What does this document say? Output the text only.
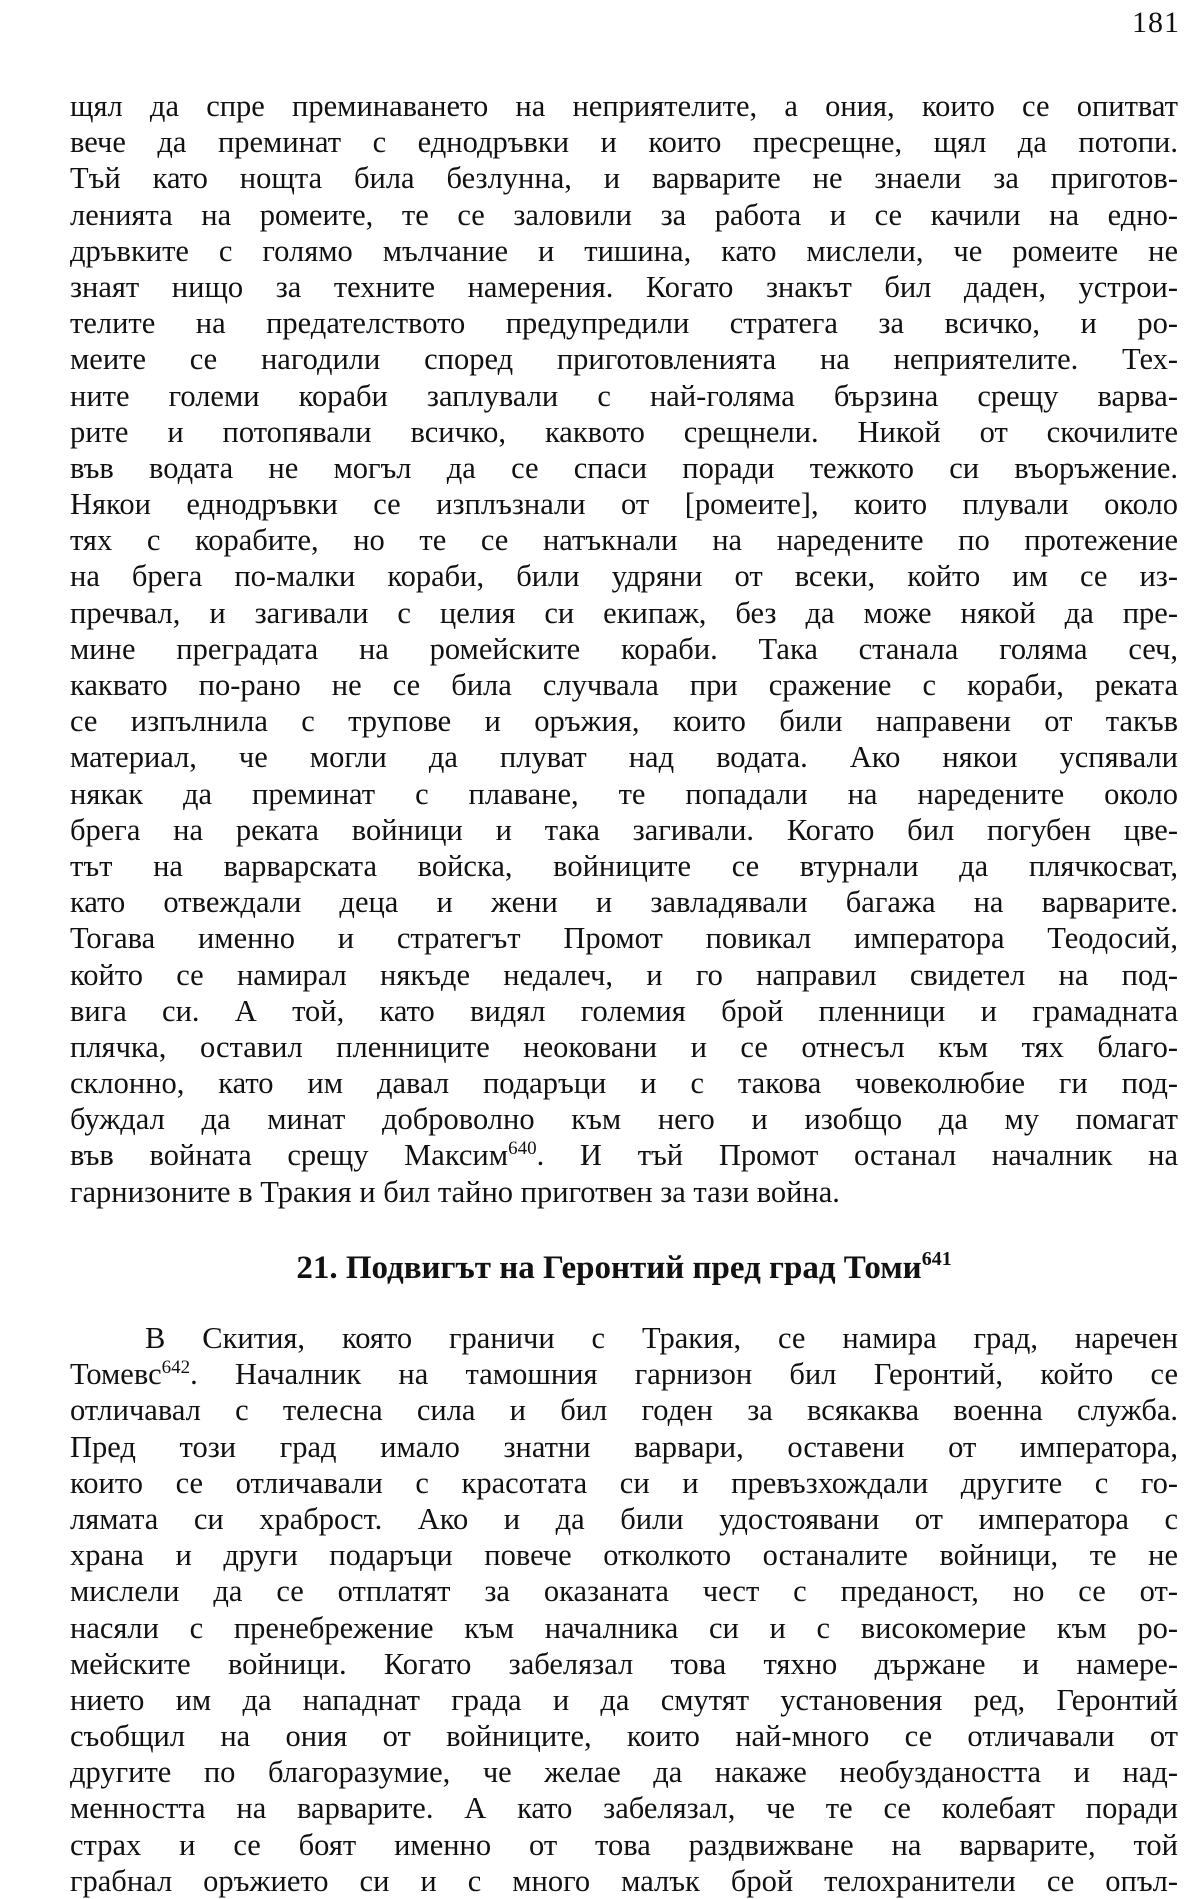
181
щял да спре преминаването на неприятелите, а ония, които се опитват
вече да преминат с еднодръвки и които пресрещне, щял да потопи.
Тъй като нощта била безлунна, и варварите не знаели за приготов-
ленията на ромеите, те се заловили за работа и се качили на едно-
дръвките с голямо мълчание и тишина, като мислели, че ромеите не
знаят нищо за техните намерения. Когато знакът бил даден, устрои-
телите на предателството предупредили стратега за всичко, и ро-
меите се нагодили според приготовленията на неприятелите. Тех-
ните големи кораби заплували с най-голяма бързина срещу варва-
рите и потопявали всичко, каквото срещнели. Никой от скочилите
във водата не могъл да се спаси поради тежкото си въоръжение.
Някои еднодръвки се изплъзнали от [ромеите], които плували около
тях с корабите, но те се натъкнали на наредените по протежение
на брега по-малки кораби, били удряни от всеки, който им се из-
пречвал, и загивали с целия си екипаж, без да може някой да пре-
мине преградата на ромейските кораби. Така станала голяма сеч,
каквато по-рано не се била случвала при сражение с кораби, реката
се изпълнила с трупове и оръжия, които били направени от такъв
материал, че могли да плуват над водата. Ако някои успявали
някак да преминат с плаване, те попадали на наредените около
брега на реката войници и така загивали. Когато бил погубен цве-
тът на варварската войска, войниците се втурнали да плячкосват,
като отвеждали деца и жени и завладявали багажа на варварите.
Тогава именно и стратегът Промот повикал императора Теодосий,
който се намирал някъде недалеч, и го направил свидетел на под-
вига си. А той, като видял големия брой пленници и грамадната
плячка, оставил пленниците неоковани и се отнесъл към тях благо-
склонно, като им давал подаръци и с такова човеколюбие ги под-
буждал да минат доброволно към него и изобщо да му помагат
във войната срещу Максим$^{640}$. И тъй Промот останал началник на
гарнизоните в Тракия и бил тайно приготвен за тази война.
21. Подвигът на Геронтий пред град Томи$^{641}$
В Скития, която граничи с Тракия, се намира град, наречен
Томевс$^{642}$. Началник на тамошния гарнизон бил Геронтий, който се
отличавал с телесна сила и бил годен за всякаква военна служба.
Пред този град имало знатни варвари, оставени от императора,
които се отличавали с красотата си и превъзхождали другите с го-
лямата си храброст. Ако и да били удостоявани от императора с
храна и други подаръци повече отколкото останалите войници, те не
мислели да се отплатят за оказаната чест с преданост, но се от-
насяли с пренебрежение към началника си и с високомерие към ро-
мейските войници. Когато забелязал това тяхно държане и намере-
нието им да нападнат града и да смутят установения ред, Геронтий
съобщил на ония от войниците, които най-много се отличавали от
другите по благоразумие, че желае да накаже необуздаността и над-
менността на варварите. А като забелязал, че те се колебаят поради
страх и се боят именно от това раздвижване на варварите, той
грабнал оръжието си и с много малък брой телохранители се опъл-
